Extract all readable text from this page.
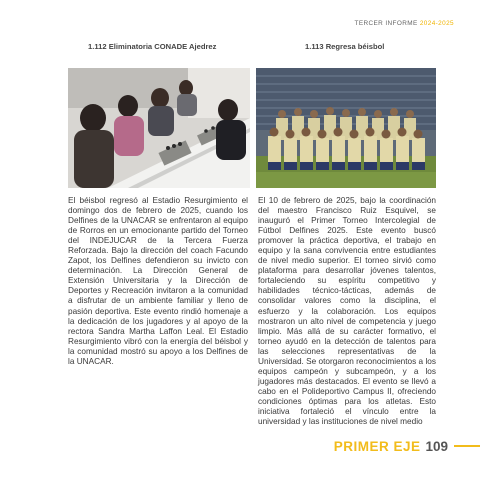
TERCER INFORME 2024-2025
1.112 Eliminatoria CONADE Ajedrez	1.113 Regresa béisbol

El béisbol regresó al Estadio Resurgimiento el domingo dos de febrero de 2025, cuando los Delfines de la UNACAR se enfrentaron al equipo de Rorros en un emocionante partido del Torneo del INDEJUCAR de la Tercera Fuerza Reforzada. Bajo la dirección del coach Facundo Zapot, los Delfines defendieron su invicto con determinación. La Dirección General de Extensión Universitaria y la Dirección de Deportes y Recreación invitaron a la comunidad a disfrutar de un ambiente familiar y lleno de pasión deportiva. Este evento rindió homenaje a la dedicación de los jugadores y al apoyo de la rectora Sandra Martha Laffon Leal. El Estadio Resurgimiento vibró con la energía del béisbol y la comunidad mostró su apoyo a los Delfines de la UNACAR.

El 10 de febrero de 2025, bajo la coordinación del maestro Francisco Ruiz Esquivel, se inauguró el Primer Torneo Intercolegial de Fútbol Delfines 2025. Este evento buscó promover la práctica deportiva, el trabajo en equipo y la sana convivencia entre estudiantes de nivel medio superior. El torneo sirvió como plataforma para desarrollar jóvenes talentos, fortaleciendo su espíritu competitivo y habilidades técnico-tácticas, además de consolidar valores como la disciplina, el esfuerzo y la colaboración. Los equipos mostraron un alto nivel de competencia y juego limpio. Más allá de su carácter formativo, el torneo ayudó en la detección de talentos para las selecciones representativas de la Universidad. Se otorgaron reconocimientos a los equipos campeón y subcampeón, y a los jugadores más destacados. El evento se llevó a cabo en el Polideportivo Campus II, ofreciendo condiciones óptimas para los atletas. Esto iniciativa fortaleció el vínculo entre la universidad y las instituciones de nivel medio

PRIMER EJE 109
